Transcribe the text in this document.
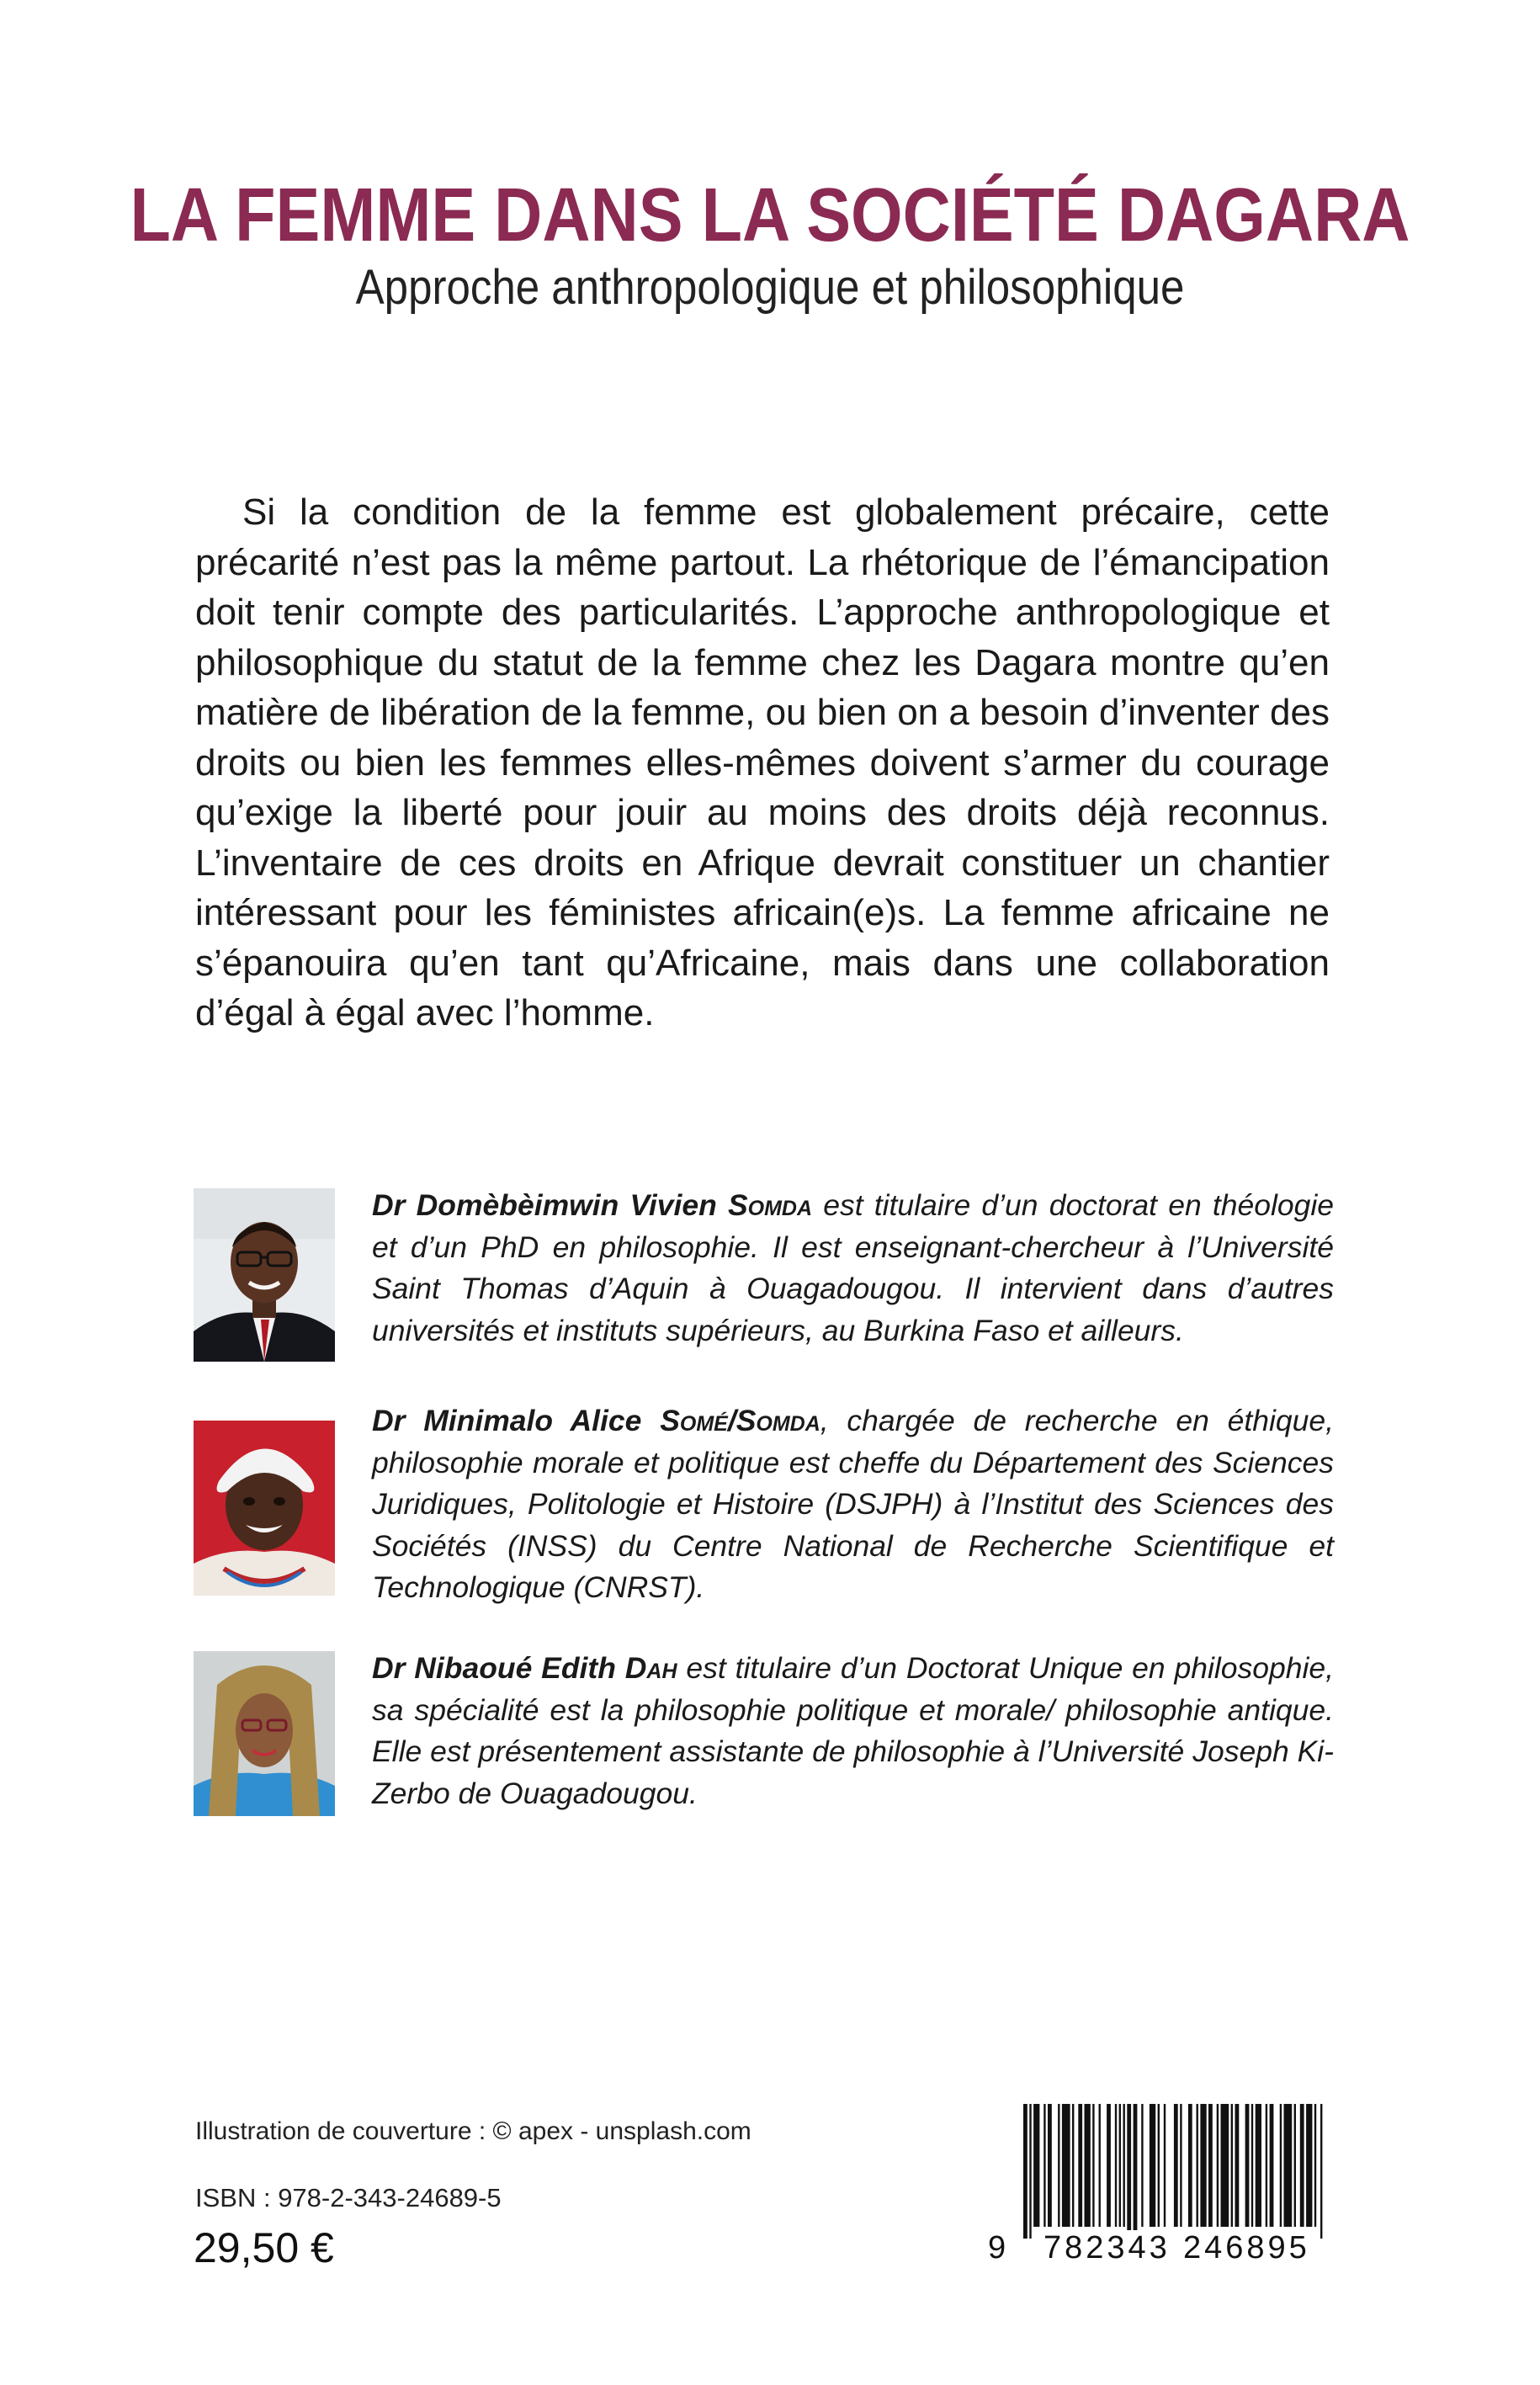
LA FEMME DANS LA SOCIÉTÉ DAGARA
Approche anthropologique et philosophique

Si la condition de la femme est globalement précaire, cette précarité n’est pas la même partout. La rhétorique de l’émancipation doit tenir compte des particularités. L’approche anthropologique et philosophique du statut de la femme chez les Dagara montre qu’en matière de libération de la femme, ou bien on a besoin d’inventer des droits ou bien les femmes elles-mêmes doivent s’armer du courage qu’exige la liberté pour jouir au moins des droits déjà reconnus. L’inventaire de ces droits en Afrique devrait constituer un chantier intéressant pour les féministes africain(e)s. La femme africaine ne s’épanouira qu’en tant qu’Africaine, mais dans une collaboration d’égal à égal avec l’homme.

Dr Domèbèimwin Vivien Somda est titulaire d’un doctorat en théologie et d’un PhD en philosophie. Il est enseignant-chercheur à l’Université Saint Thomas d’Aquin à Ouagadougou. Il intervient dans d’autres universités et instituts supérieurs, au Burkina Faso et ailleurs.
Dr Minimalo Alice Somé/Somda, chargée de recherche en éthique, philosophie morale et politique est cheffe du Département des Sciences Juridiques, Politologie et Histoire (DSJPH) à l’Institut des Sciences des Sociétés (INSS) du Centre National de Recherche Scientifique et Technologique (CNRST).
Dr Nibaoué Edith Dah est titulaire d’un Doctorat Unique en philosophie, sa spécialité est la philosophie politique et morale/ philosophie antique. Elle est présentement assistante de philosophie à l’Université Joseph Ki-Zerbo de Ouagadougou.
Illustration de couverture : © apex - unsplash.com
ISBN : 978-2-343-24689-5
29,50 €	9 782343 246895
